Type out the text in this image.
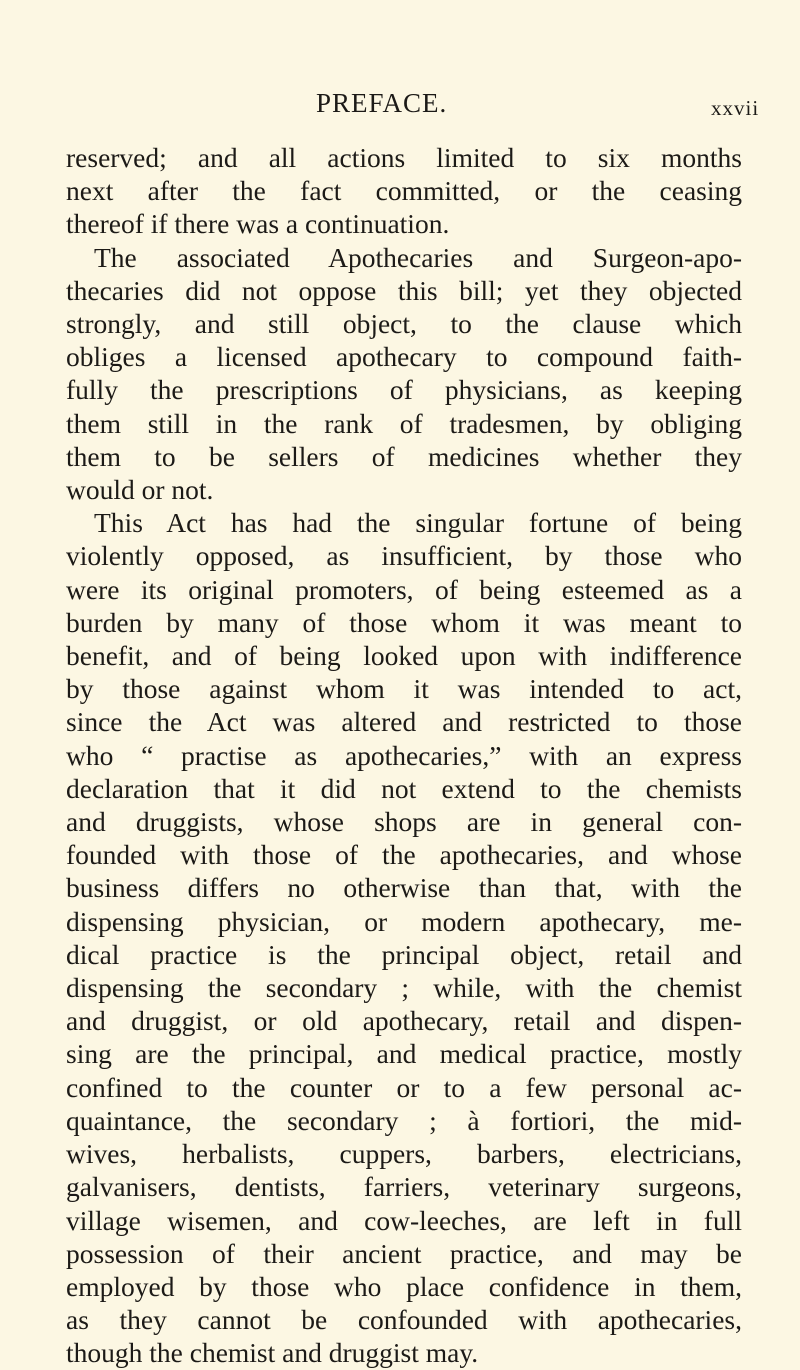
PREFACE.	xxvii
reserved; and all actions limited to six months
next after the fact committed, or the ceasing
thereof if there was a continuation.
The associated Apothecaries and Surgeon-apo-
thecaries did not oppose this bill; yet they objected
strongly, and still object, to the clause which
obliges a licensed apothecary to compound faith-
fully the prescriptions of physicians, as keeping
them still in the rank of tradesmen, by obliging
them to be sellers of medicines whether they
would or not.
This Act has had the singular fortune of being
violently opposed, as insufficient, by those who
were its original promoters, of being esteemed as a
burden by many of those whom it was meant to
benefit, and of being looked upon with indifference
by those against whom it was intended to act,
since the Act was altered and restricted to those
who “ practise as apothecaries,” with an express
declaration that it did not extend to the chemists
and druggists, whose shops are in general con-
founded with those of the apothecaries, and whose
business differs no otherwise than that, with the
dispensing physician, or modern apothecary, me-
dical practice is the principal object, retail and
dispensing the secondary ; while, with the chemist
and druggist, or old apothecary, retail and dispen-
sing are the principal, and medical practice, mostly
confined to the counter or to a few personal ac-
quaintance, the secondary ; à fortiori, the mid-
wives, herbalists, cuppers, barbers, electricians,
galvanisers, dentists, farriers, veterinary surgeons,
village wisemen, and cow-leeches, are left in full
possession of their ancient practice, and may be
employed by those who place confidence in them,
as they cannot be confounded with apothecaries,
though the chemist and druggist may.
